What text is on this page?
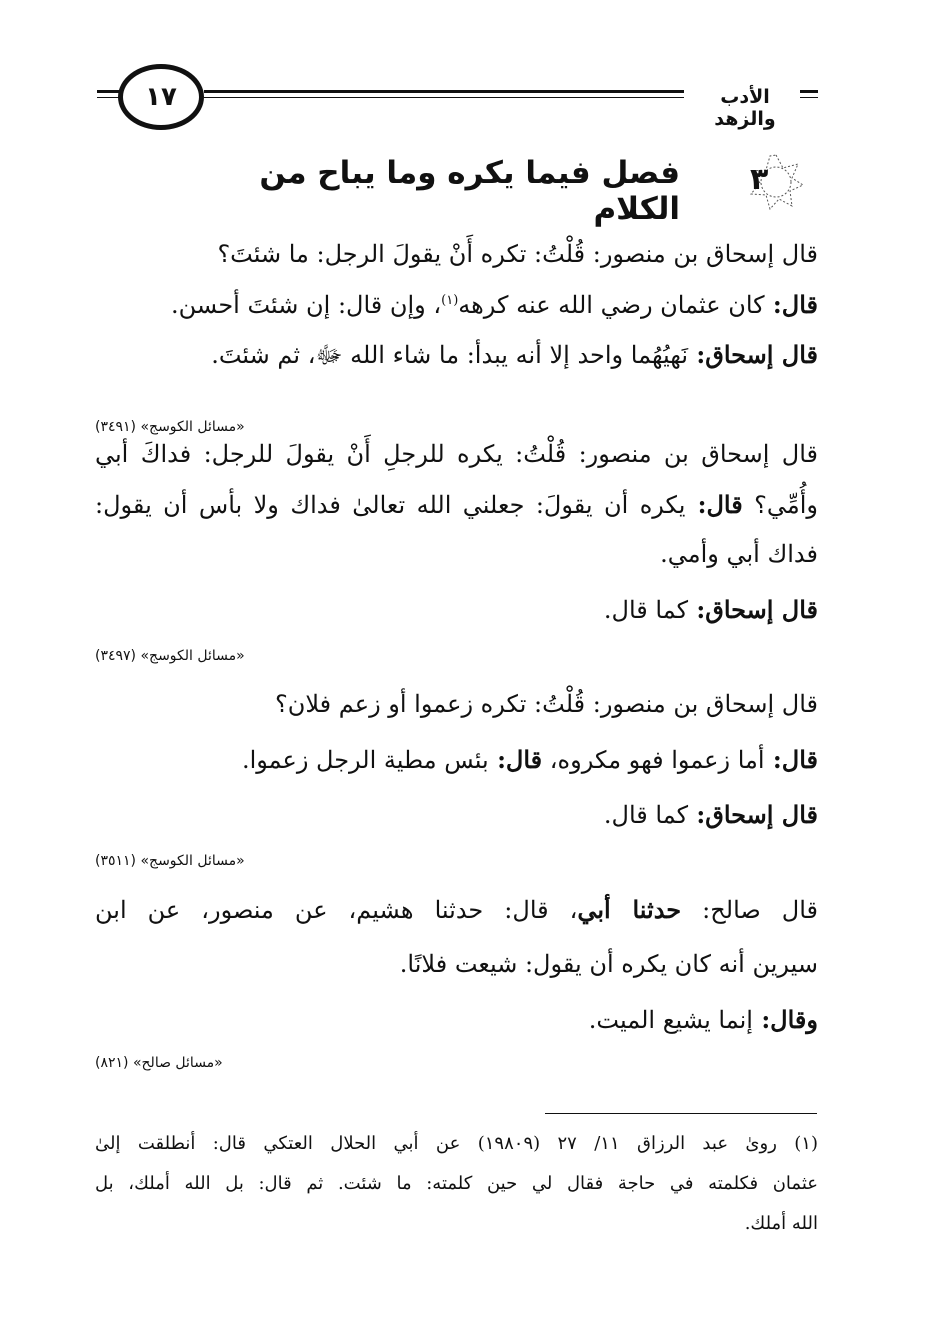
١٧	الأدب والزهد
٣
فصل فيما يكره وما يباح من الكلام
قال إسحاق بن منصور: قُلْتُ: تكره أَنْ يقولَ الرجل: ما شئتَ؟
قال: كان عثمان رضي الله عنه كرهه$^{(١)}$، وإن قال: إن شئتَ أحسن.
قال إسحاق: نَهيُهُما واحد إلا أنه يبدأ: ما شاء الله ﷻ، ثم شئتَ.
«مسائل الكوسج» (٣٤٩١)
قال إسحاق بن منصور: قُلْتُ: يكره للرجلِ أَنْ يقولَ للرجل: فداكَ أبي
وأُمِّي؟ قال: يكره أن يقولَ: جعلني الله تعالىٰ فداك ولا بأس أن يقول:
فداك أبي وأمي.
قال إسحاق: كما قال.
«مسائل الكوسج» (٣٤٩٧)
قال إسحاق بن منصور: قُلْتُ: تكره زعموا أو زعم فلان؟
قال: أما زعموا فهو مكروه، قال: بئس مطية الرجل زعموا.
قال إسحاق: كما قال.
«مسائل الكوسج» (٣٥١١)
قال صالح: حدثنا أبي، قال: حدثنا هشيم، عن منصور، عن ابن
سيرين أنه كان يكره أن يقول: شيعت فلانًا.
وقال: إنما يشيع الميت.
«مسائل صالح» (٨٢١)
(١) رویٰ عبد الرزاق ١١/ ٢٧ (١٩٨٠٩) عن أبي الحلال العتكي قال: أنطلقت إلىٰ
عثمان فكلمته في حاجة فقال لي حين كلمته: ما شئت. ثم قال: بل الله أملك، بل
الله أملك.
